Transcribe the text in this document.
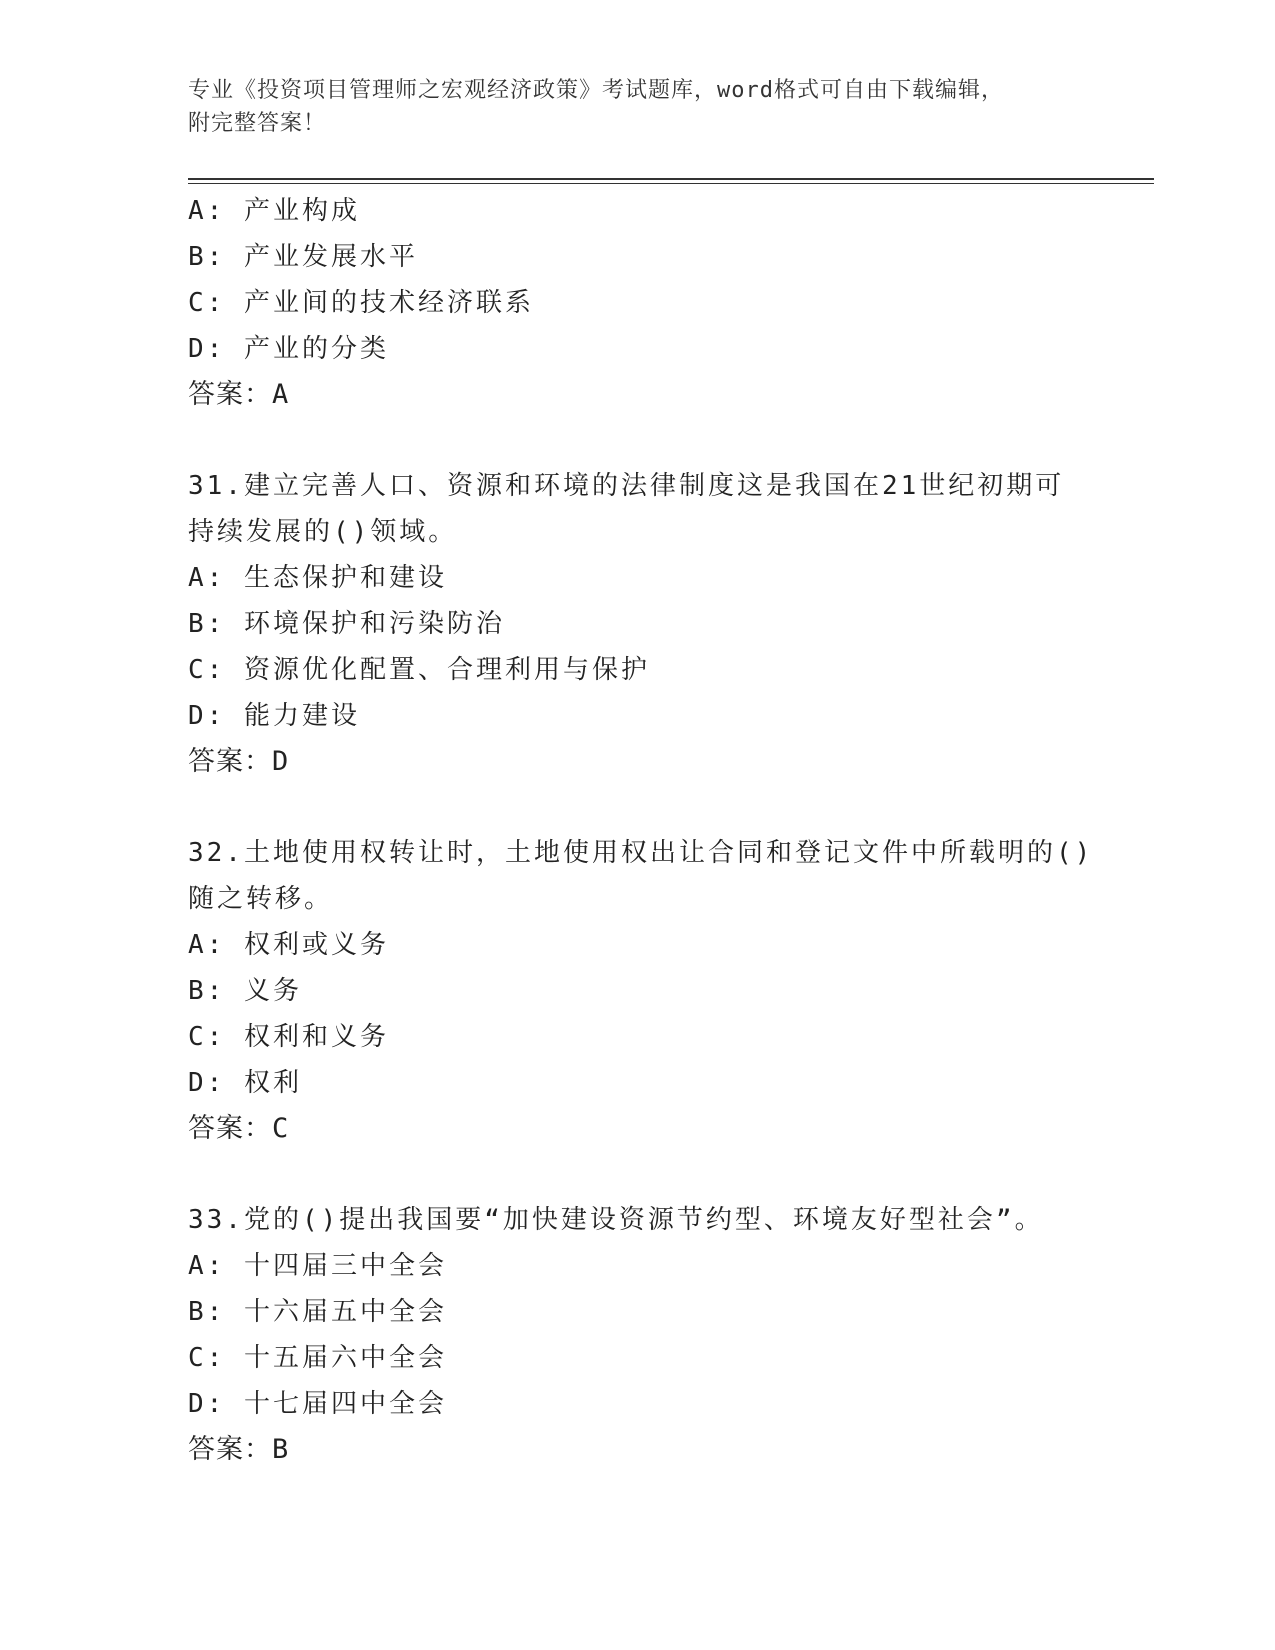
专业《投资项目管理师之宏观经济政策》考试题库，word格式可自由下载编辑，
附完整答案！
A: 产业构成
B: 产业发展水平
C: 产业间的技术经济联系
D: 产业的分类
答案：A
31.建立完善人口、资源和环境的法律制度这是我国在21世纪初期可
持续发展的()领域。
A: 生态保护和建设
B: 环境保护和污染防治
C: 资源优化配置、合理利用与保护
D: 能力建设
答案：D
32.土地使用权转让时，土地使用权出让合同和登记文件中所载明的()
随之转移。
A: 权利或义务
B: 义务
C: 权利和义务
D: 权利
答案：C
33.党的()提出我国要“加快建设资源节约型、环境友好型社会”。
A: 十四届三中全会
B: 十六届五中全会
C: 十五届六中全会
D: 十七届四中全会
答案：B
